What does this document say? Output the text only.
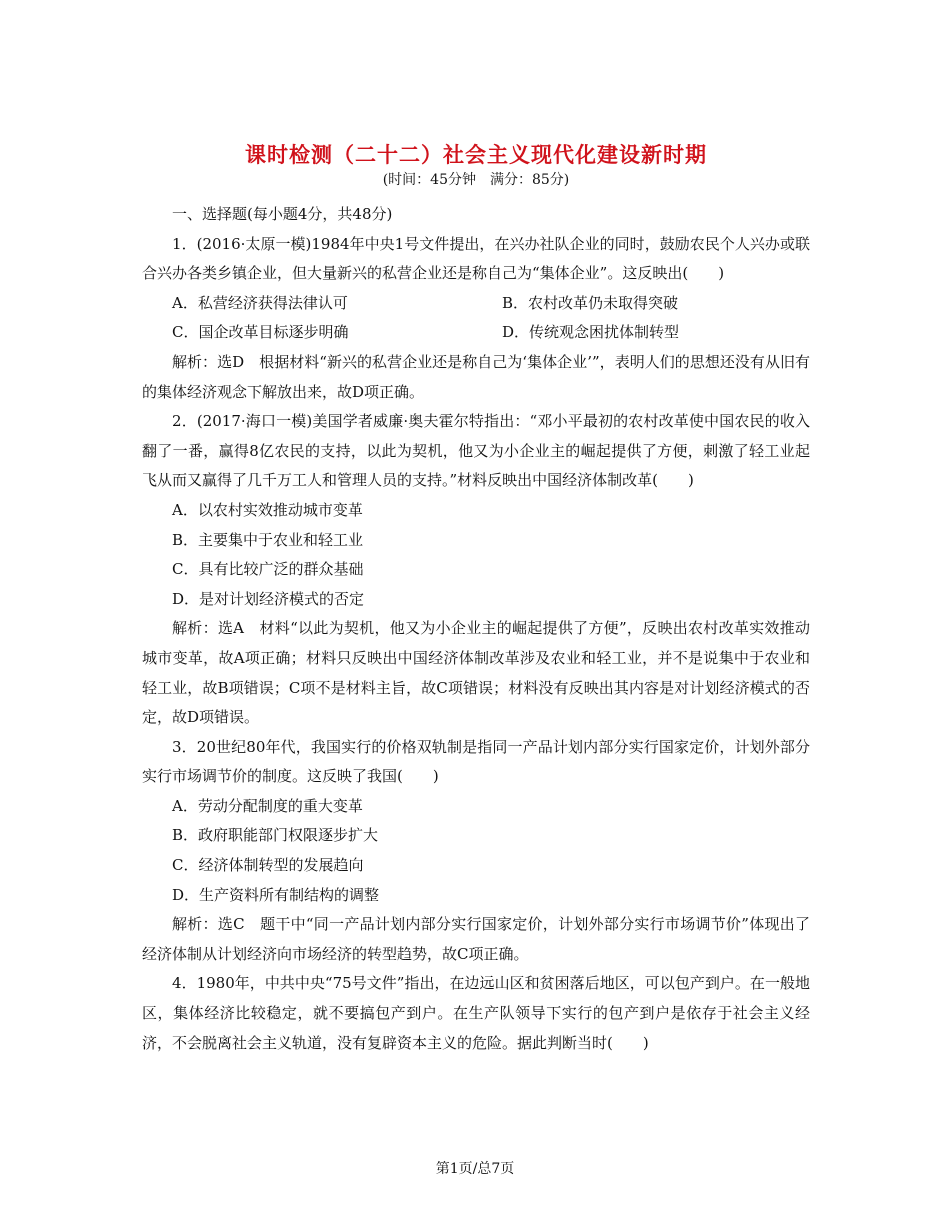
课时检测（二十二）社会主义现代化建设新时期
(时间：45分钟　满分：85分)

一、选择题(每小题4分，共48分)

1．(2016·太原一模)1984年中央1号文件提出，在兴办社队企业的同时，鼓励农民个人兴办或联合兴办各类乡镇企业，但大量新兴的私营企业还是称自己为“集体企业”。这反映出(　　)

A．私营经济获得法律认可	B．农村改革仍未取得突破
C．国企改革目标逐步明确	D．传统观念困扰体制转型

解析：选D　根据材料“新兴的私营企业还是称自己为‘集体企业’”，表明人们的思想还没有从旧有的集体经济观念下解放出来，故D项正确。

2．(2017·海口一模)美国学者威廉·奥夫霍尔特指出：“邓小平最初的农村改革使中国农民的收入翻了一番，赢得8亿农民的支持，以此为契机，他又为小企业主的崛起提供了方便，刺激了轻工业起飞从而又赢得了几千万工人和管理人员的支持。”材料反映出中国经济体制改革(　　)

A．以农村实效推动城市变革

B．主要集中于农业和轻工业

C．具有比较广泛的群众基础

D．是对计划经济模式的否定

解析：选A　材料“以此为契机，他又为小企业主的崛起提供了方便”，反映出农村改革实效推动城市变革，故A项正确；材料只反映出中国经济体制改革涉及农业和轻工业，并不是说集中于农业和轻工业，故B项错误；C项不是材料主旨，故C项错误；材料没有反映出其内容是对计划经济模式的否定，故D项错误。

3．20世纪80年代，我国实行的价格双轨制是指同一产品计划内部分实行国家定价，计划外部分实行市场调节价的制度。这反映了我国(　　)

A．劳动分配制度的重大变革

B．政府职能部门权限逐步扩大

C．经济体制转型的发展趋向

D．生产资料所有制结构的调整

解析：选C　题干中“同一产品计划内部分实行国家定价，计划外部分实行市场调节价”体现出了经济体制从计划经济向市场经济的转型趋势，故C项正确。

4．1980年，中共中央“75号文件”指出，在边远山区和贫困落后地区，可以包产到户。在一般地区，集体经济比较稳定，就不要搞包产到户。在生产队领导下实行的包产到户是依存于社会主义经济，不会脱离社会主义轨道，没有复辟资本主义的危险。据此判断当时(　　)

第1页/总7页
